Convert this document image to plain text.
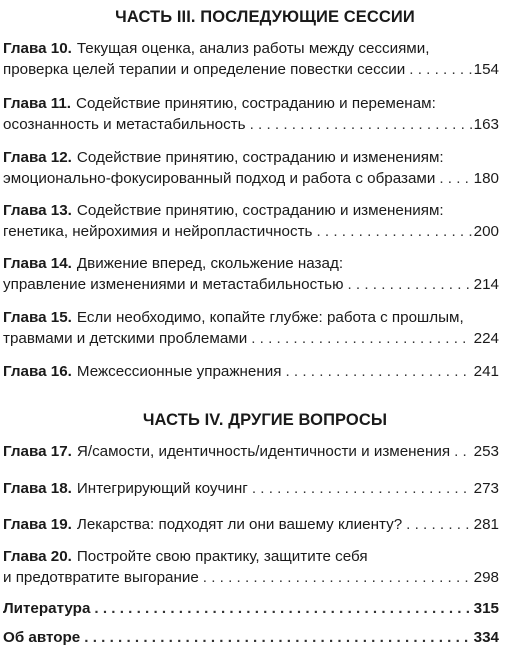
ЧАСТЬ III. ПОСЛЕДУЮЩИЕ СЕССИИ
Глава 10. Текущая оценка, анализ работы между сессиями,
проверка целей терапии и определение повестки сессии . . .	154
Глава 11. Содействие принятию, состраданию и переменам:
осознанность и метастабильность . . .	163
Глава 12. Содействие принятию, состраданию и изменениям:
эмоционально-фокусированный подход и работа с образами . . .	180
Глава 13. Содействие принятию, состраданию и изменениям:
генетика, нейрохимия и нейропластичность . . .	200
Глава 14. Движение вперед, скольжение назад:
управление изменениями и метастабильностью . . .	214
Глава 15. Если необходимо, копайте глубже: работа с прошлым,
травмами и детскими проблемами . . .	224
Глава 16. Межсессионные упражнения . . .	241
ЧАСТЬ IV. ДРУГИЕ ВОПРОСЫ
Глава 17. Я/самости, идентичность/идентичности и изменения . . . 253
Глава 18. Интегрирующий коучинг . . .	273
Глава 19. Лекарства: подходят ли они вашему клиенту? . . .	281
Глава 20. Постройте свою практику, защитите себя
и предотвратите выгорание . . .	298
Литература . . .	315
Об авторе . . .	334
